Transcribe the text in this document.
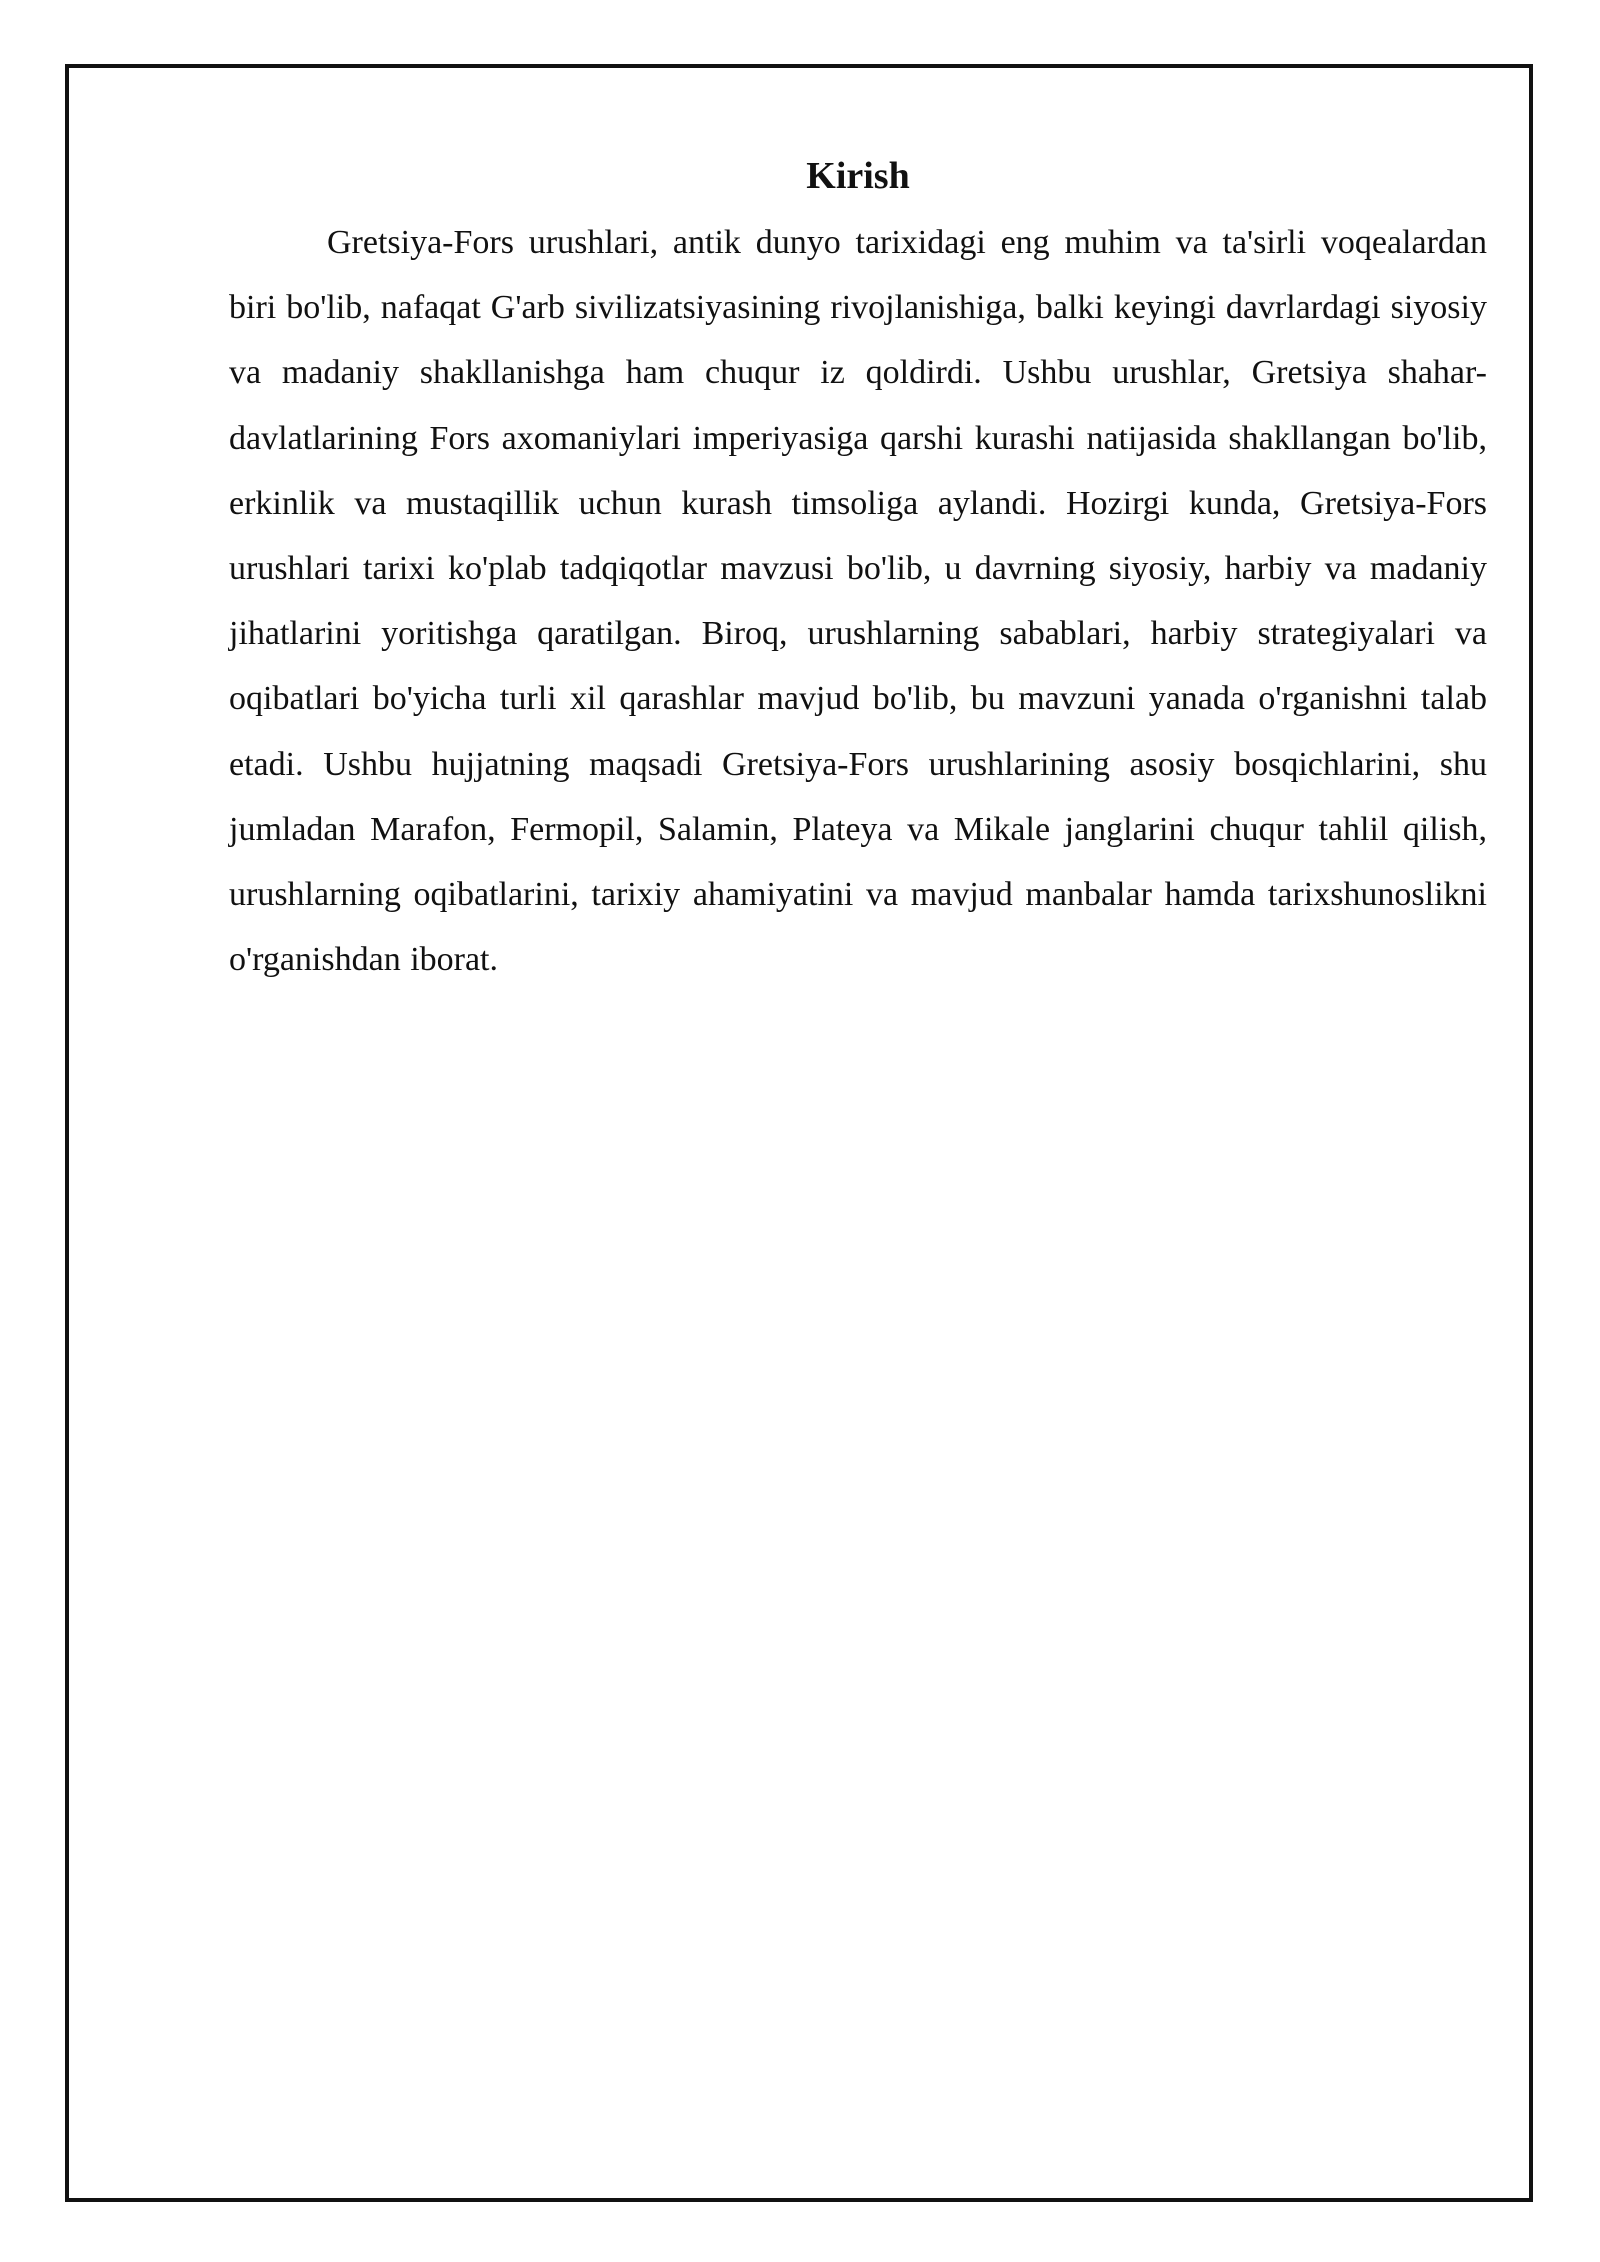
Kirish

Gretsiya-Fors urushlari, antik dunyo tarixidagi eng muhim va ta'sirli voqealardan biri bo'lib, nafaqat G'arb sivilizatsiyasining rivojlanishiga, balki keyingi davrlardagi siyosiy va madaniy shakllanishga ham chuqur iz qoldirdi. Ushbu urushlar, Gretsiya shahar-davlatlarining Fors axomaniylari imperiyasiga qarshi kurashi natijasida shakllangan bo'lib, erkinlik va mustaqillik uchun kurash timsoliga aylandi. Hozirgi kunda, Gretsiya-Fors urushlari tarixi ko'plab tadqiqotlar mavzusi bo'lib, u davrning siyosiy, harbiy va madaniy jihatlarini yoritishga qaratilgan. Biroq, urushlarning sabablari, harbiy strategiyalari va oqibatlari bo'yicha turli xil qarashlar mavjud bo'lib, bu mavzuni yanada o'rganishni talab etadi. Ushbu hujjatning maqsadi Gretsiya-Fors urushlarining asosiy bosqichlarini, shu jumladan Marafon, Fermopil, Salamin, Plateya va Mikale janglarini chuqur tahlil qilish, urushlarning oqibatlarini, tarixiy ahamiyatini va mavjud manbalar hamda tarixshunoslikni o'rganishdan iborat.
